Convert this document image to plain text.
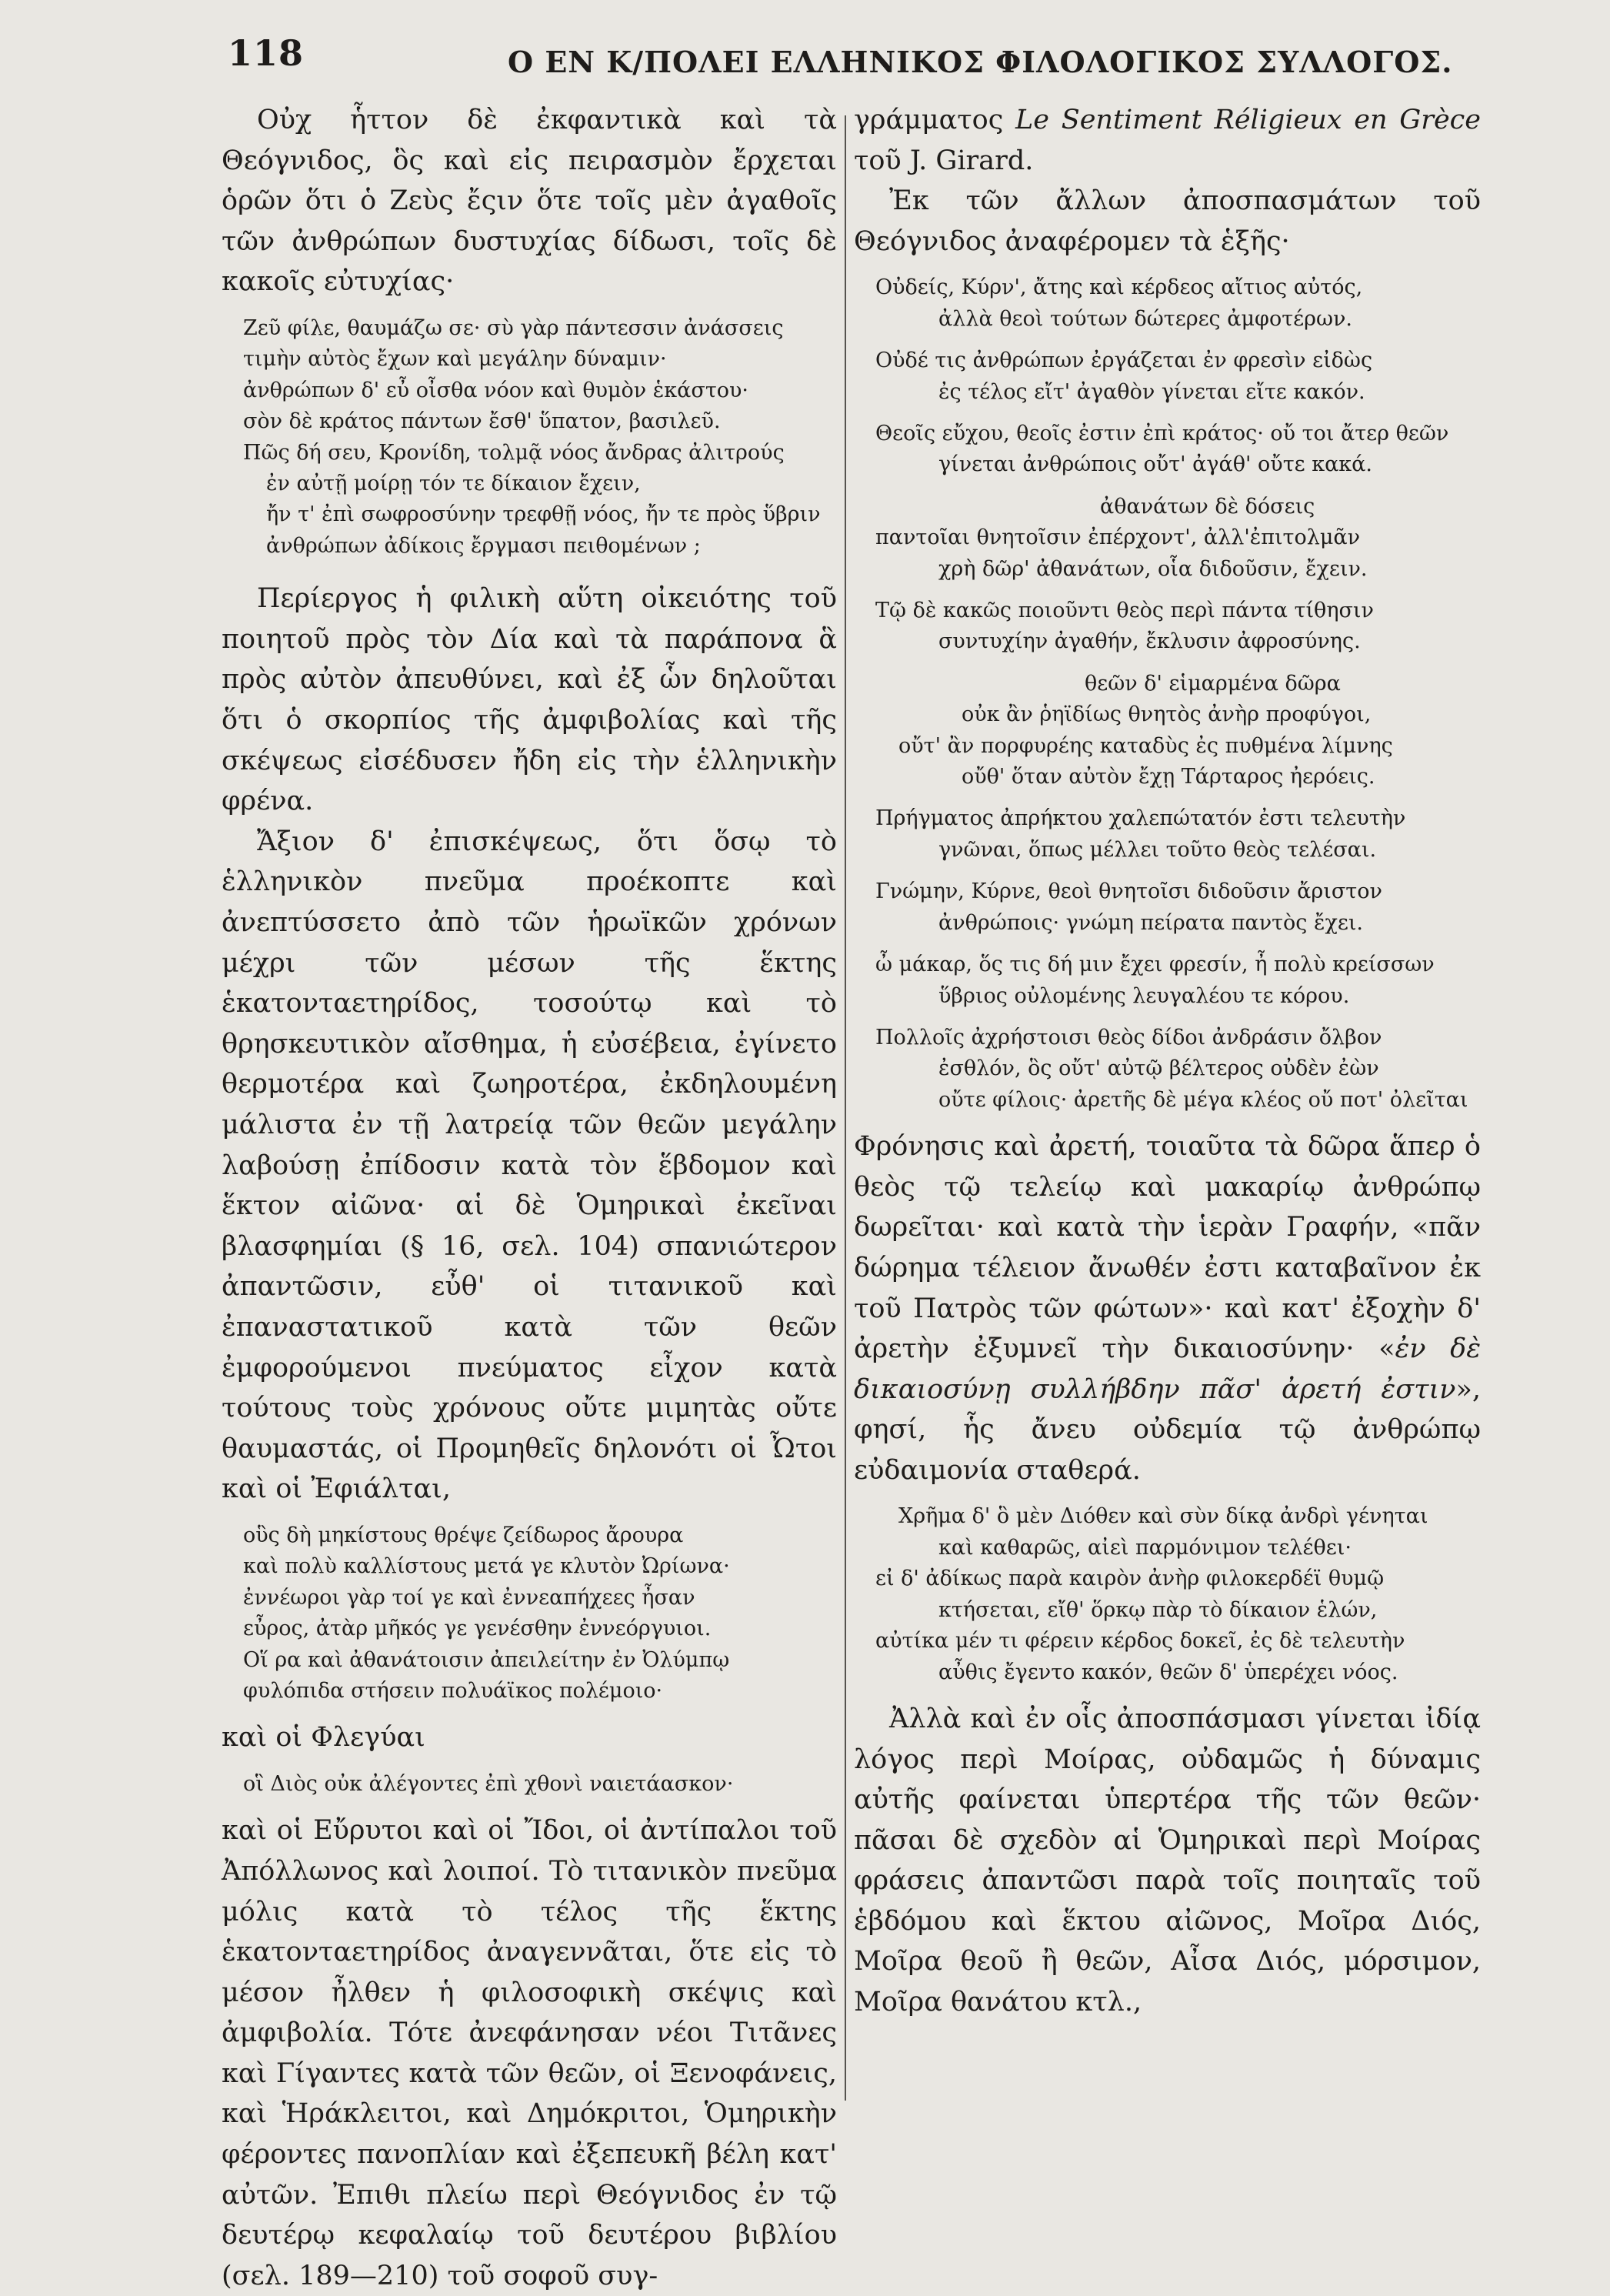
118	Ο ΕΝ Κ/ΠΟΛΕΙ ΕΛΛΗΝΙΚΟΣ ΦΙΛΟΛΟΓΙΚΟΣ ΣΥΛΛΟΓΟΣ.

Οὐχ ἧττον δὲ ἐκφαντικὰ καὶ τὰ Θεόγνιδος, ὃς καὶ εἰς πειρασμὸν ἔρχεται ὁρῶν ὅτι ὁ Ζεὺς ἔςιν ὅτε τοῖς μὲν ἀγαθοῖς τῶν ἀνθρώπων δυστυχίας δίδωσι, τοῖς δὲ κακοῖς εὐτυχίας·

Ζεῦ φίλε, θαυμάζω σε· σὺ γὰρ πάντεσσιν ἀνάσσεις
τιμὴν αὐτὸς ἔχων καὶ μεγάλην δύναμιν·
ἀνθρώπων δ' εὖ οἶσθα νόον καὶ θυμὸν ἑκάστου·
σὸν δὲ κράτος πάντων ἔσθ' ὕπατον, βασιλεῦ.
Πῶς δή σευ, Κρονίδη, τολμᾷ νόος ἄνδρας ἀλιτρούς
ἐν αὐτῇ μοίρῃ τόν τε δίκαιον ἔχειν,
ἤν τ' ἐπὶ σωφροσύνην τρεφθῇ νόος, ἤν τε πρὸς ὕβριν
ἀνθρώπων ἀδίκοις ἔργμασι πειθομένων ;

Περίεργος ἡ φιλικὴ αὕτη οἰκειότης τοῦ ποιητοῦ πρὸς τὸν Δία καὶ τὰ παράπονα ἃ πρὸς αὐτὸν ἀπευθύνει, καὶ ἐξ ὧν δηλοῦται ὅτι ὁ σκορπίος τῆς ἀμφιβολίας καὶ τῆς σκέψεως εἰσέδυσεν ἤδη εἰς τὴν ἑλληνικὴν φρένα.

Ἄξιον δ' ἐπισκέψεως, ὅτι ὅσῳ τὸ ἑλληνικὸν πνεῦμα προέκοπτε καὶ ἀνεπτύσσετο ἀπὸ τῶν ἡρωϊκῶν χρόνων μέχρι τῶν μέσων τῆς ἕκτης ἑκατονταετηρίδος, τοσούτῳ καὶ τὸ θρησκευτικὸν αἴσθημα, ἡ εὐσέβεια, ἐγίνετο θερμοτέρα καὶ ζωηροτέρα, ἐκδηλουμένη μάλιστα ἐν τῇ λατρείᾳ τῶν θεῶν μεγάλην λαβούσῃ ἐπίδοσιν κατὰ τὸν ἕβδομον καὶ ἕκτον αἰῶνα· αἱ δὲ Ὁμηρικαὶ ἐκεῖναι βλασφημίαι (§ 16, σελ. 104) σπανιώτερον ἀπαντῶσιν, εὖθ' οἱ τιτανικοῦ καὶ ἐπαναστατικοῦ κατὰ τῶν θεῶν ἐμφορούμενοι πνεύματος εἶχον κατὰ τούτους τοὺς χρόνους οὔτε μιμητὰς οὔτε θαυμαστάς, οἱ Προμηθεῖς δηλονότι οἱ Ὦτοι καὶ οἱ Ἐφιάλται,

οὓς δὴ μηκίστους θρέψε ζείδωρος ἄρουρα
καὶ πολὺ καλλίστους μετά γε κλυτὸν Ὠρίωνα·
ἐννέωροι γὰρ τοί γε καὶ ἐννεαπήχεες ἦσαν
εὖρος, ἀτὰρ μῆκός γε γενέσθην ἐννεόργυιοι.
Οἵ ρα καὶ ἀθανάτοισιν ἀπειλείτην ἐν Ὀλύμπῳ
φυλόπιδα στήσειν πολυάϊκος πολέμοιο·

καὶ οἱ Φλεγύαι

οἳ Διὸς οὐκ ἀλέγοντες ἐπὶ χθονὶ ναιετάασκον·

καὶ οἱ Εὔρυτοι καὶ οἱ Ἴδοι, οἱ ἀντίπαλοι τοῦ Ἀπόλλωνος καὶ λοιποί. Τὸ τιτανικὸν πνεῦμα μόλις κατὰ τὸ τέλος τῆς ἕκτης ἑκατονταετηρίδος ἀναγεννᾶται, ὅτε εἰς τὸ μέσον ἦλθεν ἡ φιλοσοφικὴ σκέψις καὶ ἀμφιβολία. Τότε ἀνεφάνησαν νέοι Τιτᾶνες καὶ Γίγαντες κατὰ τῶν θεῶν, οἱ Ξενοφάνεις, καὶ Ἡράκλειτοι, καὶ Δημόκριτοι, Ὁμηρικὴν φέροντες πανοπλίαν καὶ ἐξεπευκῆ βέλη κατ' αὐτῶν. Ἐπιθι πλείω περὶ Θεόγνιδος ἐν τῷ δευτέρῳ κεφαλαίῳ τοῦ δευτέρου βιβλίου (σελ. 189—210) τοῦ σοφοῦ συγ-

γράμματος Le Sentiment Réligieux en Grèce τοῦ J. Girard.

Ἐκ τῶν ἄλλων ἀποσπασμάτων τοῦ Θεόγνιδος ἀναφέρομεν τὰ ἑξῆς·

Οὐδείς, Κύρν', ἄτης καὶ κέρδεος αἴτιος αὐτός,
ἀλλὰ θεοὶ τούτων δώτερες ἀμφοτέρων.
Οὐδέ τις ἀνθρώπων ἐργάζεται ἐν φρεσὶν εἰδὼς
ἐς τέλος εἴτ' ἀγαθὸν γίνεται εἴτε κακόν.
Θεοῖς εὔχου, θεοῖς ἐστιν ἐπὶ κράτος· οὔ τοι ἄτερ θεῶν
γίνεται ἀνθρώποις οὔτ' ἀγάθ' οὔτε κακά.
ἀθανάτων δὲ δόσεις
παντοῖαι θνητοῖσιν ἐπέρχοντ', ἀλλ'ἐπιτολμᾶν
χρὴ δῶρ' ἀθανάτων, οἷα διδοῦσιν, ἔχειν.
Τῷ δὲ κακῶς ποιοῦντι θεὸς περὶ πάντα τίθησιν
συντυχίην ἀγαθήν, ἔκλυσιν ἀφροσύνης.
θεῶν δ' εἱμαρμένα δῶρα
οὐκ ἂν ῥηϊδίως θνητὸς ἀνὴρ προφύγοι,
οὔτ' ἂν πορφυρέης καταδὺς ἐς πυθμένα λίμνης
οὔθ' ὅταν αὐτὸν ἔχῃ Τάρταρος ἠερόεις.
Πρήγματος ἀπρήκτου χαλεπώτατόν ἐστι τελευτὴν
γνῶναι, ὅπως μέλλει τοῦτο θεὸς τελέσαι.
Γνώμην, Κύρνε, θεοὶ θνητοῖσι διδοῦσιν ἄριστον
ἀνθρώποις· γνώμη πείρατα παντὸς ἔχει.
ὦ μάκαρ, ὅς τις δή μιν ἔχει φρεσίν, ἦ πολὺ κρείσσων
ὕβριος οὐλομένης λευγαλέου τε κόρου.
Πολλοῖς ἀχρήστοισι θεὸς δίδοι ἀνδράσιν ὄλβον
ἐσθλόν, ὃς οὔτ' αὐτῷ βέλτερος οὐδὲν ἐὼν
οὔτε φίλοις· ἀρετῆς δὲ μέγα κλέος οὔ ποτ' ὀλεῖται

Φρόνησις καὶ ἀρετή, τοιαῦτα τὰ δῶρα ἅπερ ὁ θεὸς τῷ τελείῳ καὶ μακαρίῳ ἀνθρώπῳ δωρεῖται· καὶ κατὰ τὴν ἱερὰν Γραφήν, «πᾶν δώρημα τέλειον ἄνωθέν ἐστι καταβαῖνον ἐκ τοῦ Πατρὸς τῶν φώτων»· καὶ κατ' ἐξοχὴν δ' ἀρετὴν ἐξυμνεῖ τὴν δικαιοσύνην· «ἐν δὲ δικαιοσύνῃ συλλήβδην πᾶσ' ἀρετή ἐστιν», φησί, ἧς ἄνευ οὐδεμία τῷ ἀνθρώπῳ εὐδαιμονία σταθερά.

Χρῆμα δ' ὃ μὲν Διόθεν καὶ σὺν δίκᾳ ἀνδρὶ γένηται
καὶ καθαρῶς, αἰεὶ παρμόνιμον τελέθει·
εἰ δ' ἀδίκως παρὰ καιρὸν ἀνὴρ φιλοκερδέϊ θυμῷ
κτήσεται, εἴθ' ὅρκῳ πὰρ τὸ δίκαιον ἑλών,
αὐτίκα μέν τι φέρειν κέρδος δοκεῖ, ἐς δὲ τελευτὴν
αὖθις ἔγεντο κακόν, θεῶν δ' ὑπερέχει νόος.

Ἀλλὰ καὶ ἐν οἷς ἀποσπάσμασι γίνεται ἰδίᾳ λόγος περὶ Μοίρας, οὐδαμῶς ἡ δύναμις αὐτῆς φαίνεται ὑπερτέρα τῆς τῶν θεῶν· πᾶσαι δὲ σχεδὸν αἱ Ὁμηρικαὶ περὶ Μοίρας φράσεις ἀπαντῶσι παρὰ τοῖς ποιηταῖς τοῦ ἑβδόμου καὶ ἕκτου αἰῶνος, Μοῖρα Διός, Μοῖρα θεοῦ ἢ θεῶν, Αἶσα Διός, μόρσιμον, Μοῖρα θανάτου κτλ.,
